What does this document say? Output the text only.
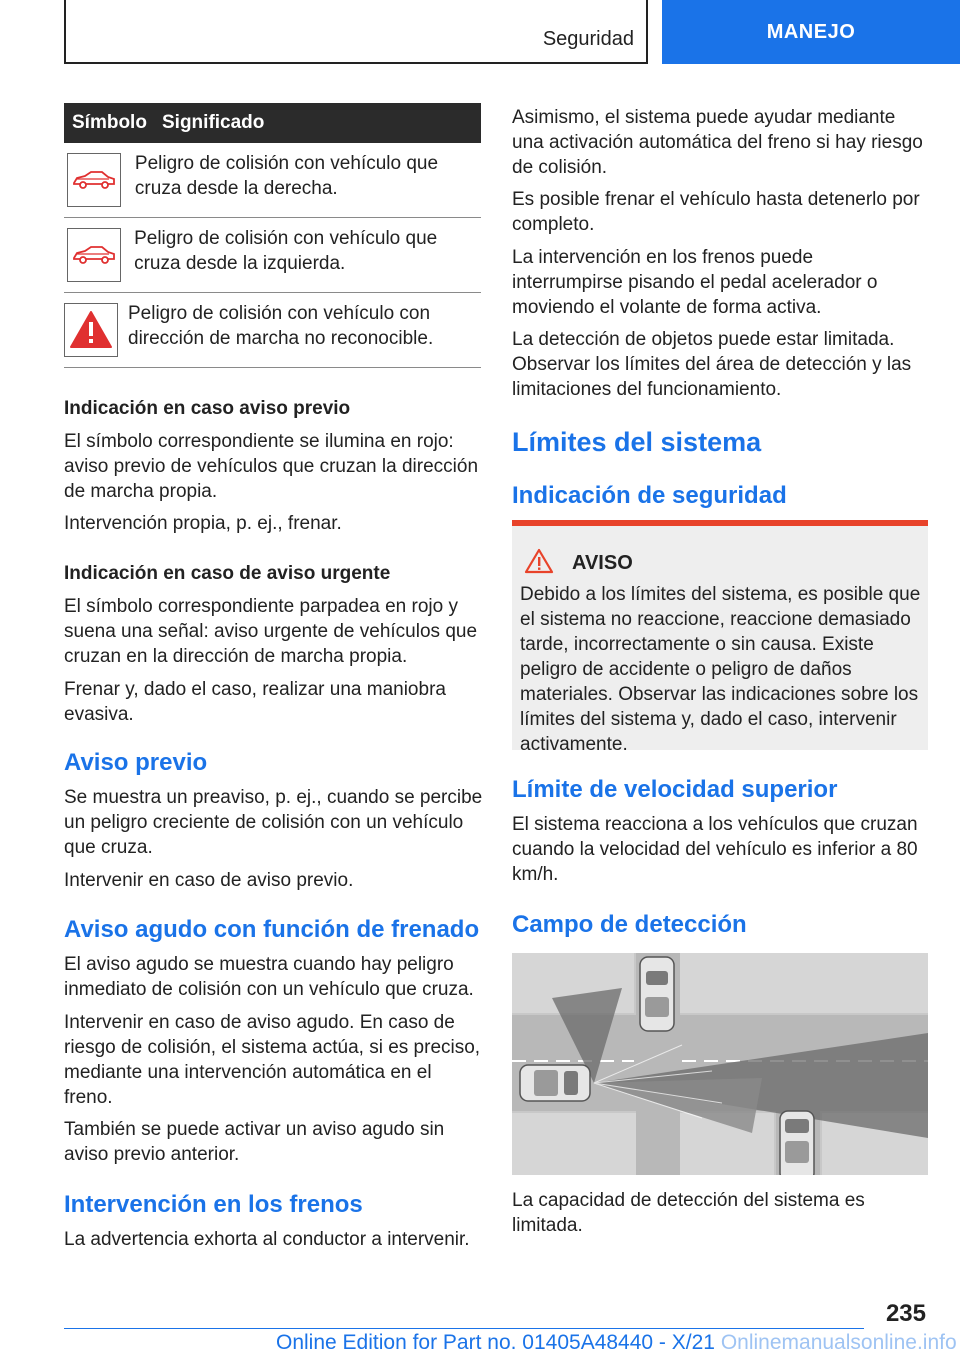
Seguridad	MANEJO
Símbolo Significado
Peligro de colisión con vehículo que cruza desde la derecha.
Peligro de colisión con vehículo que cruza desde la izquierda.
Peligro de colisión con vehículo con dirección de marcha no reconocible.
Indicación en caso aviso previo
El símbolo correspondiente se ilumina en rojo: aviso previo de vehículos que cruzan la dirección de marcha propia.
Intervención propia, p. ej., frenar.
Indicación en caso de aviso urgente
El símbolo correspondiente parpadea en rojo y suena una señal: aviso urgente de vehículos que cruzan en la dirección de marcha propia.
Frenar y, dado el caso, realizar una maniobra evasiva.
Aviso previo
Se muestra un preaviso, p. ej., cuando se percibe un peligro creciente de colisión con un vehículo que cruza.
Intervenir en caso de aviso previo.
Aviso agudo con función de frenado
El aviso agudo se muestra cuando hay peligro inmediato de colisión con un vehículo que cruza.
Intervenir en caso de aviso agudo. En caso de riesgo de colisión, el sistema actúa, si es preciso, mediante una intervención automática en el freno.
También se puede activar un aviso agudo sin aviso previo anterior.
Intervención en los frenos
La advertencia exhorta al conductor a intervenir.
Asimismo, el sistema puede ayudar mediante una activación automática del freno si hay riesgo de colisión.
Es posible frenar el vehículo hasta detenerlo por completo.
La intervención en los frenos puede interrumpirse pisando el pedal acelerador o moviendo el volante de forma activa.
La detección de objetos puede estar limitada. Observar los límites del área de detección y las limitaciones del funcionamiento.
Límites del sistema
Indicación de seguridad
AVISO
Debido a los límites del sistema, es posible que el sistema no reaccione, reaccione demasiado tarde, incorrectamente o sin causa. Existe peligro de accidente o peligro de daños materiales. Observar las indicaciones sobre los límites del sistema y, dado el caso, intervenir activamente.
Límite de velocidad superior
El sistema reacciona a los vehículos que cruzan cuando la velocidad del vehículo es inferior a 80 km/h.
Campo de detección
La capacidad de detección del sistema es limitada.
235
Online Edition for Part no. 01405A48440 - X/21 Onlinemanualsonline.info
